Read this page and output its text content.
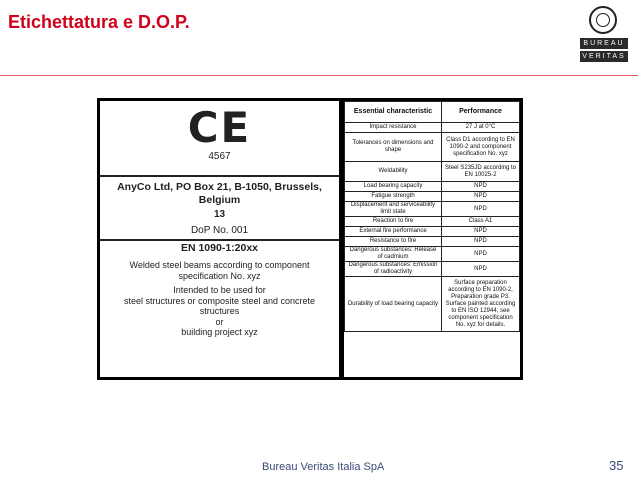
Etichettatura e D.O.P.
BUREAU
VERITAS
CE
4567
AnyCo Ltd, PO Box 21, B-1050, Brussels,
Belgium
13
DoP No. 001
EN 1090-1:20xx
Welded steel beams according to component
specification No. xyz
Intended to be used for
steel structures or composite steel and concrete
structures
or
building project xyz
Essential characteristic	Performance
Impact resistance	27 J at 0°C
Tolerances on dimensions and shape	Class D1 according to EN 1090-2 and component specification No. xyz
Weldability	Steel S235JD according to EN 10025-2
Load bearing capacity	NPD
Fatigue strength	NPD
Displacement and serviceability limit state	NPD
Reaction to fire	Class A1
External fire performance	NPD
Resistance to fire	NPD
Dangerous substances: Release of cadmium	NPD
Dangerous substances: Emission of radioactivity	NPD
Durability of load bearing capacity	Surface preparation according to EN 1090-2, Preparation grade P3. Surface painted according to EN ISO 12944; see component specification No. xyz for details.
Bureau Veritas Italia SpA	35
